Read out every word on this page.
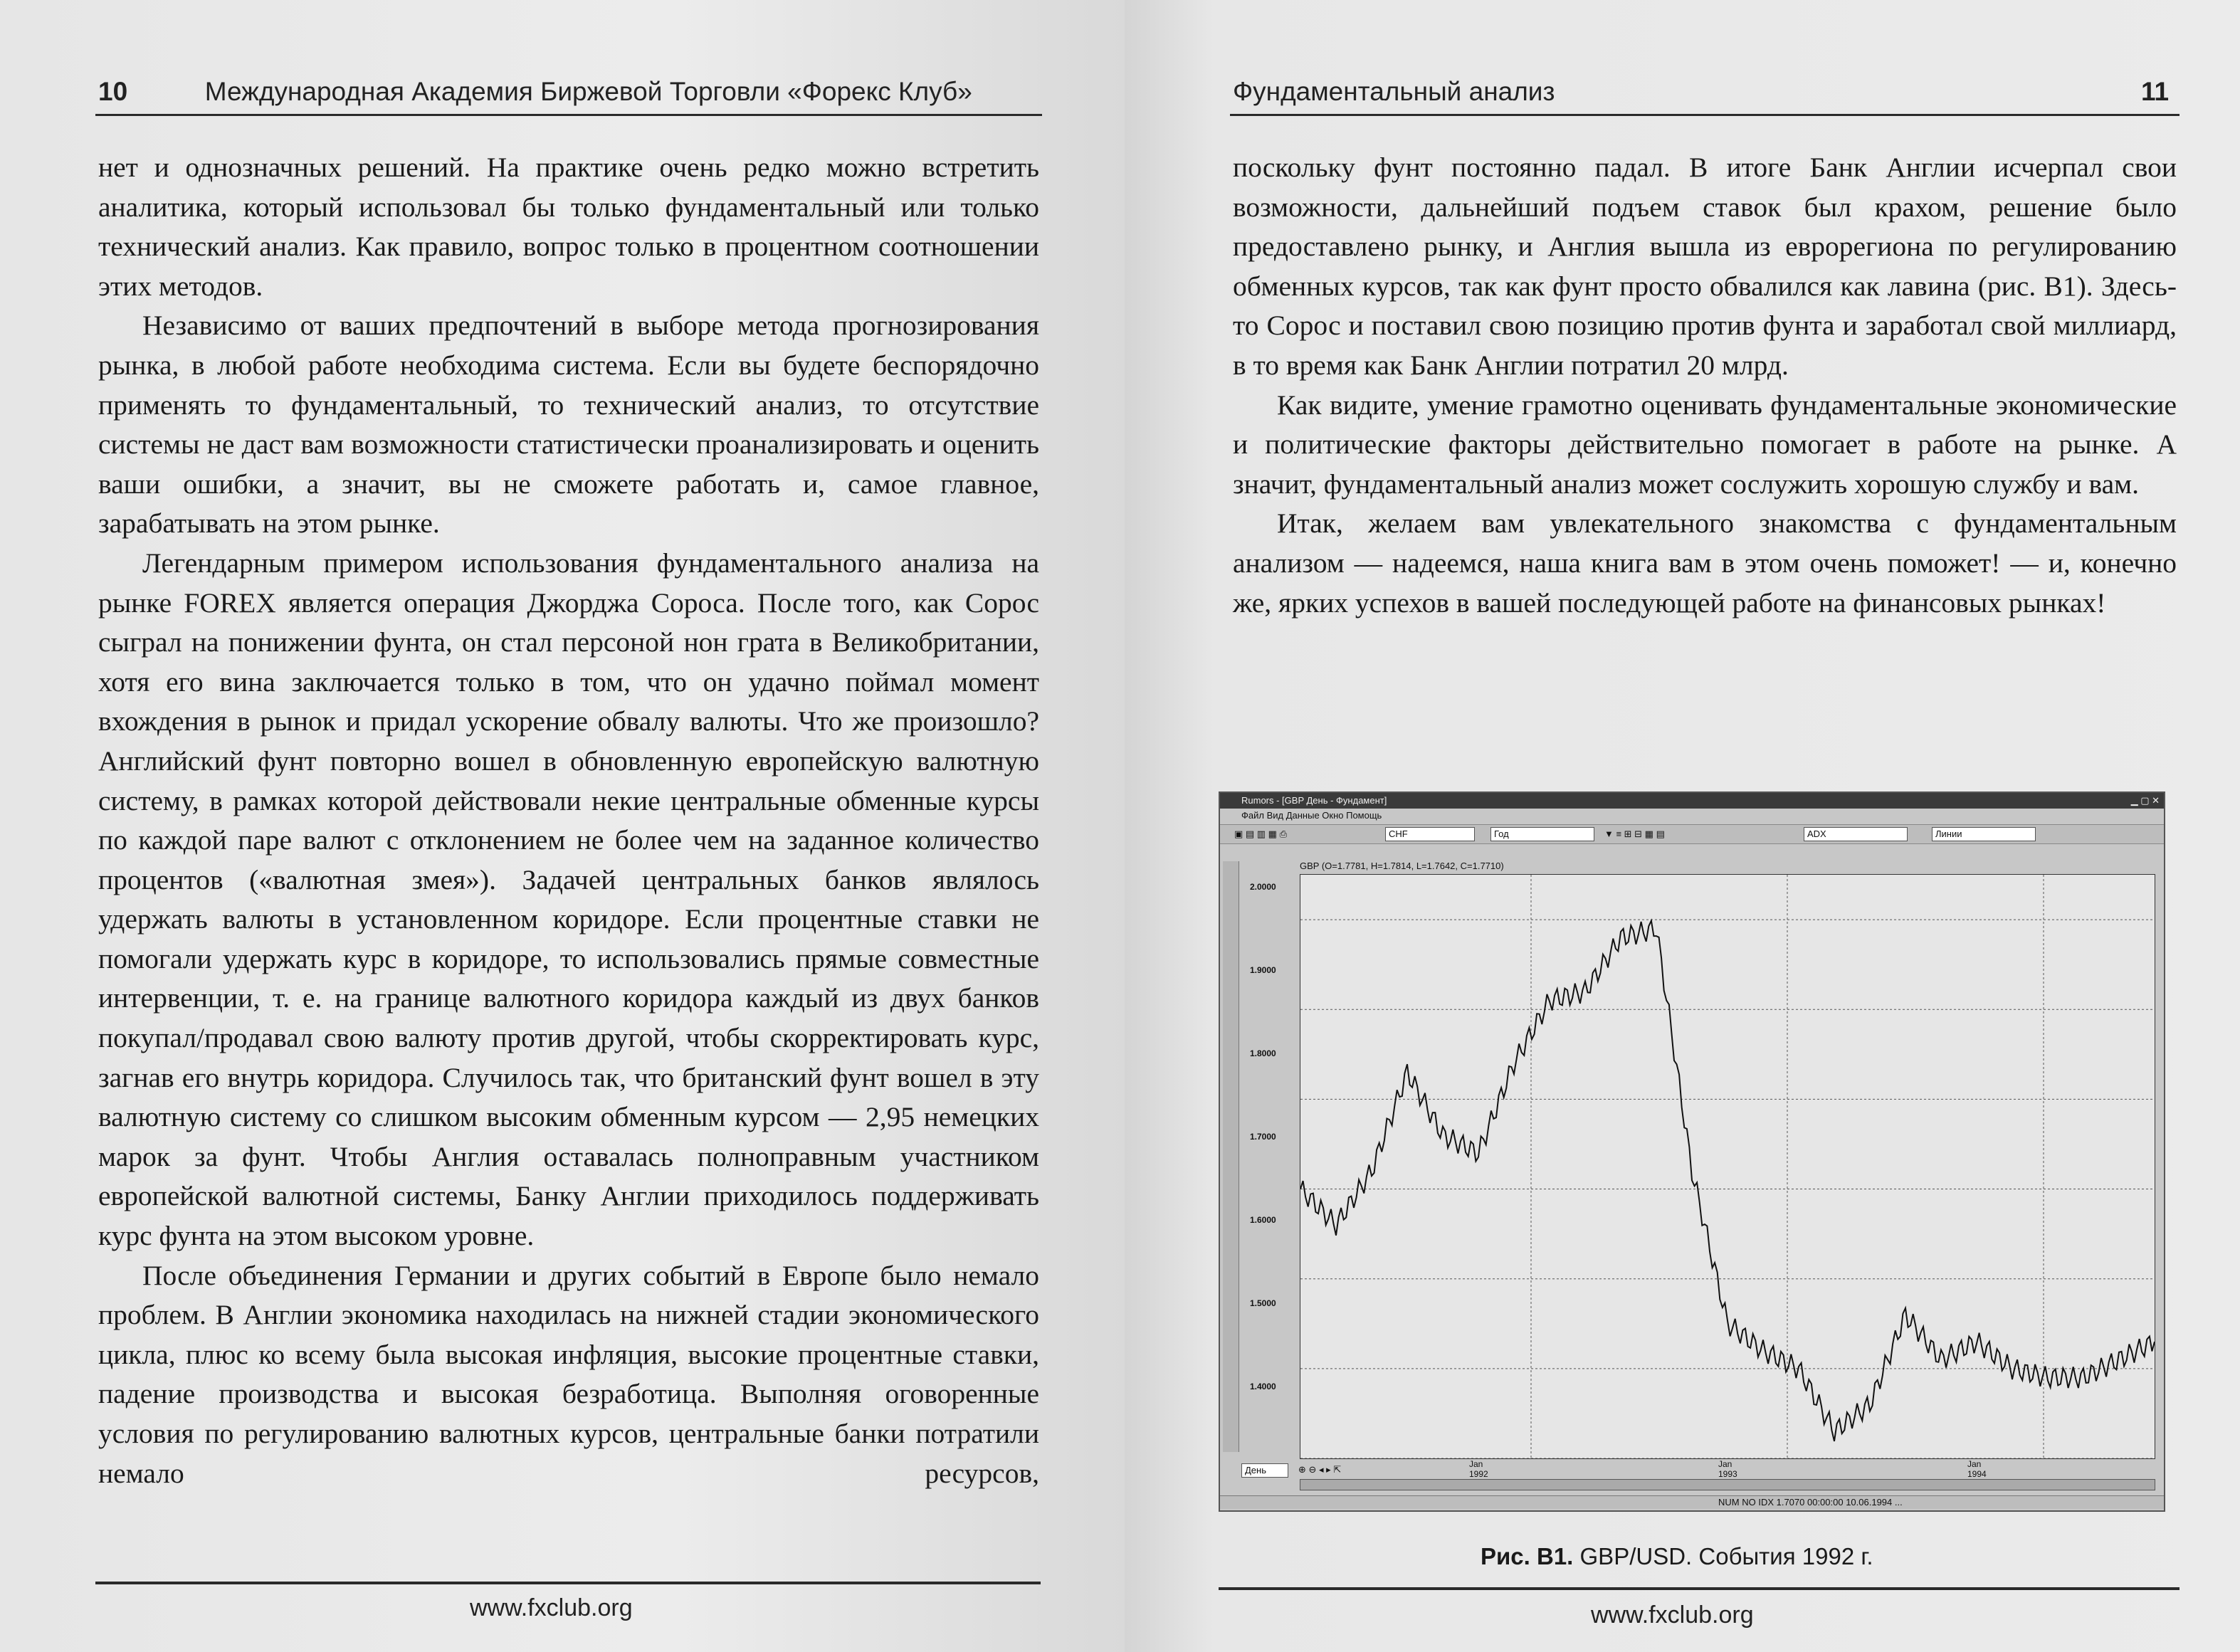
10	Международная Академия Биржевой Торговли «Форекс Клуб»

нет и однозначных решений. На практике очень редко можно встретить аналитика, который использовал бы только фундаментальный или только технический анализ. Как правило, вопрос только в процентном соотношении этих методов.

Независимо от ваших предпочтений в выборе метода прогнозирования рынка, в любой работе необходима система. Если вы будете беспорядочно применять то фундаментальный, то технический анализ, то отсутствие системы не даст вам возможности статистически проанализировать и оценить ваши ошибки, а значит, вы не сможете работать и, самое главное, зарабатывать на этом рынке.

Легендарным примером использования фундаментального анализа на рынке FOREX является операция Джорджа Сороса. После того, как Сорос сыграл на понижении фунта, он стал персоной нон грата в Великобритании, хотя его вина заключается только в том, что он удачно поймал момент вхождения в рынок и придал ускорение обвалу валюты. Что же произошло? Английский фунт повторно вошел в обновленную европейскую валютную систему, в рамках которой действовали некие центральные обменные курсы по каждой паре валют с отклонением не более чем на заданное количество процентов («валютная змея»). Задачей центральных банков являлось удержать валюты в установленном коридоре. Если процентные ставки не помогали удержать курс в коридоре, то использовались прямые совместные интервенции, т. е. на границе валютного коридора каждый из двух банков покупал/продавал свою валюту против другой, чтобы скорректировать курс, загнав его внутрь коридора. Случилось так, что британский фунт вошел в эту валютную систему со слишком высоким обменным курсом — 2,95 немецких марок за фунт. Чтобы Англия оставалась полноправным участником европейской валютной системы, Банку Англии приходилось поддерживать курс фунта на этом высоком уровне.

После объединения Германии и других событий в Европе было немало проблем. В Англии экономика находилась на нижней стадии экономического цикла, плюс ко всему была высокая инфляция, высокие процентные ставки, падение производства и высокая безработица. Выполняя оговоренные условия по регулированию валютных курсов, центральные банки потратили немало ресурсов,

www.fxclub.org
Фундаментальный анализ	11

поскольку фунт постоянно падал. В итоге Банк Англии исчерпал свои возможности, дальнейший подъем ставок был крахом, решение было предоставлено рынку, и Англия вышла из еврорегиона по регулированию обменных курсов, так как фунт просто обвалился как лавина (рис. В1). Здесь-то Сорос и поставил свою позицию против фунта и заработал свой миллиард, в то время как Банк Англии потратил 20 млрд.

Как видите, умение грамотно оценивать фундаментальные экономические и политические факторы действительно помогает в работе на рынке. А значит, фундаментальный анализ может сослужить хорошую службу и вам.

Итак, желаем вам увлекательного знакомства с фундаментальным анализом — надеемся, наша книга вам в этом очень поможет! — и, конечно же, ярких успехов в вашей последующей работе на финансовых рынках!

www.fxclub.org
Rumors - [GBP День - Фундамент]	▁ ▢ ✕
Файл Вид Данные Окно Помощь
▣ ▤ ▥ ▦ ⎙	CHF	Год	▼ ≡ ⊞ ⊟ ▦ ▤	ADX	Линии
GBP (O=1.7781, H=1.7814, L=1.7642, C=1.7710)
2.0000
1.9000
1.8000
1.7000
1.6000
1.5000
1.4000
Jan
1992
Jan
1993
Jan
1994
День	⊕ ⊖ ◂ ▸ ⇱
NUM NO IDX 1.7070 00:00:00 10.06.1994 ...
Рис. В1. GBP/USD. События 1992 г.
